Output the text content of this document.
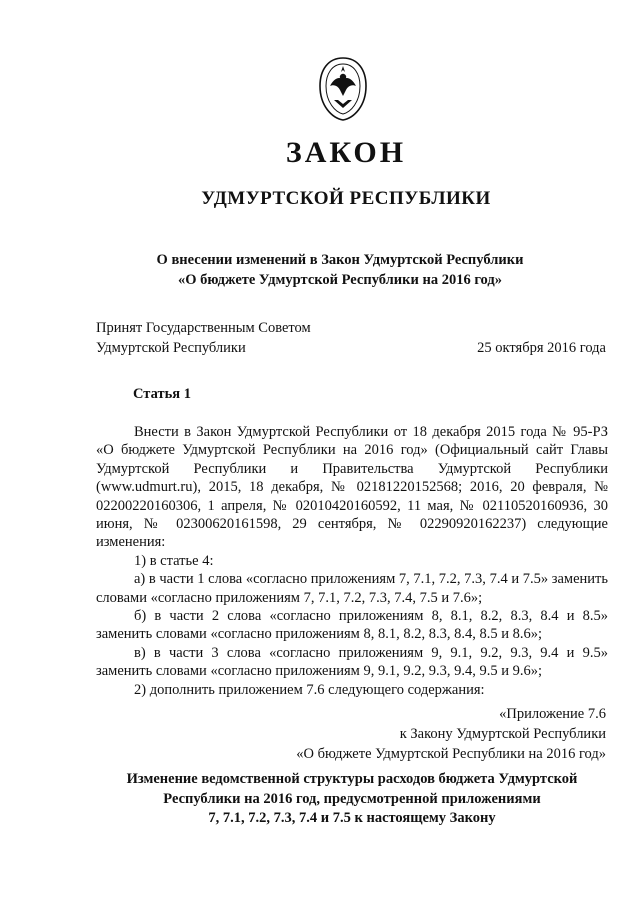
ЗАКОН
УДМУРТСКОЙ РЕСПУБЛИКИ
О внесении изменений в Закон Удмуртской Республики
«О бюджете Удмуртской Республики на 2016 год»
Принят Государственным Советом
Удмуртской Республики	25 октября 2016 года
Статья 1

Внести в Закон Удмуртской Республики от 18 декабря 2015 года № 95-РЗ «О бюджете Удмуртской Республики на 2016 год» (Официальный сайт Главы Удмуртской Республики и Правительства Удмуртской Республики (www.udmurt.ru), 2015, 18 декабря, № 02181220152568; 2016, 20 февраля, № 02200220160306, 1 апреля, № 02010420160592, 11 мая, № 02110520160936, 30 июня, № 02300620161598, 29 сентября, № 02290920162237) следующие изменения:

1) в статье 4:

а) в части 1 слова «согласно приложениям 7, 7.1, 7.2, 7.3, 7.4 и 7.5» заменить словами «согласно приложениям 7, 7.1, 7.2, 7.3, 7.4, 7.5 и 7.6»;

б) в части 2 слова «согласно приложениям 8, 8.1, 8.2, 8.3, 8.4 и 8.5» заменить словами «согласно приложениям 8, 8.1, 8.2, 8.3, 8.4, 8.5 и 8.6»;

в) в части 3 слова «согласно приложениям 9, 9.1, 9.2, 9.3, 9.4 и 9.5» заменить словами «согласно приложениям 9, 9.1, 9.2, 9.3, 9.4, 9.5 и 9.6»;

2) дополнить приложением 7.6 следующего содержания:

«Приложение 7.6
к Закону Удмуртской Республики
«О бюджете Удмуртской Республики на 2016 год»
Изменение ведомственной структуры расходов бюджета Удмуртской
Республики на 2016 год, предусмотренной приложениями
7, 7.1, 7.2, 7.3, 7.4 и 7.5 к настоящему Закону
